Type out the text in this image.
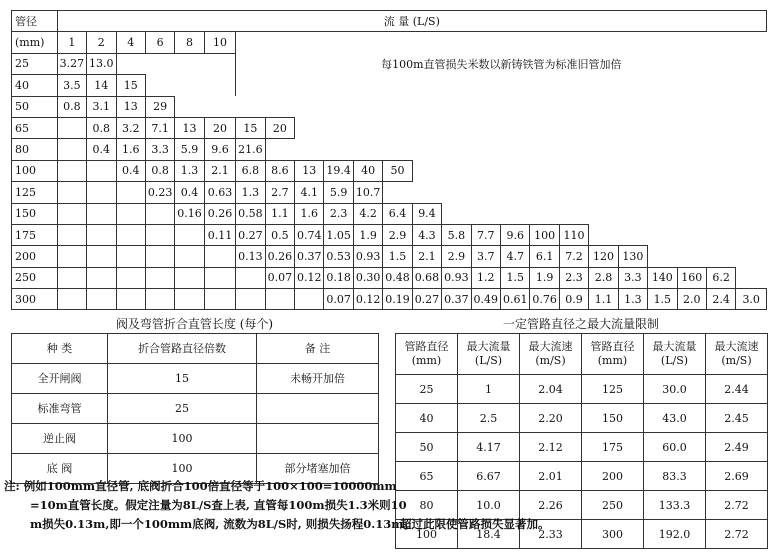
管径	流 量 (L/S)																							
(mm)	1	2	4	6	8	10	每100m直管损失米数以新铸铁管为标准旧管加倍																	
25	3.27	13.0																						
40	3.5	14	15																					
50	0.8	3.1	13	29																				
65		0.8	3.2	7.1	13	20	15	20																
80		0.4	1.6	3.3	5.9	9.6	21.6																	
100			0.4	0.8	1.3	2.1	6.8	8.6	13	19.4	40	50												
125				0.23	0.4	0.63	1.3	2.7	4.1	5.9	10.7													
150					0.16	0.26	0.58	1.1	1.6	2.3	4.2	6.4	9.4											
175						0.11	0.27	0.5	0.74	1.05	1.9	2.9	4.3	5.8	7.7	9.6	100	110						
200							0.13	0.26	0.37	0.53	0.93	1.5	2.1	2.9	3.7	4.7	6.1	7.2	120	130				
250								0.07	0.12	0.18	0.30	0.48	0.68	0.93	1.2	1.5	1.9	2.3	2.8	3.3	140	160	6.2	
300										0.07	0.12	0.19	0.27	0.37	0.49	0.61	0.76	0.9	1.1	1.3	1.5	2.0	2.4	3.0
阀及弯管折合直管长度 (每个)
种 类	折合管路直径倍数	备 注
全开闸阀	15	未畅开加倍
标准弯管	25	
逆止阀	100	
底 阀	100	部分堵塞加倍
一定管路直径之最大流量限制
管路直径 (mm)	最大流量 (L/S)	最大流速 (m/S)	管路直径 (mm)	最大流量 (L/S)	最大流速 (m/S)
25	1	2.04	125	30.0	2.44
40	2.5	2.20	150	43.0	2.45
50	4.17	2.12	175	60.0	2.49
65	6.67	2.01	200	83.3	2.69
80	10.0	2.26	250	133.3	2.72
100	18.4	2.33	300	192.0	2.72
注: 例如100mm直径管, 底阀折合100倍直径等于100×100=10000mm
=10m直管长度。假定注量为8L/S查上表, 直管每100m损失1.3米则10
m损失0.13m,即一个100mm底阀, 流数为8L/S时, 则损失扬程0.13m。
超过此限使管路损失显著加。
